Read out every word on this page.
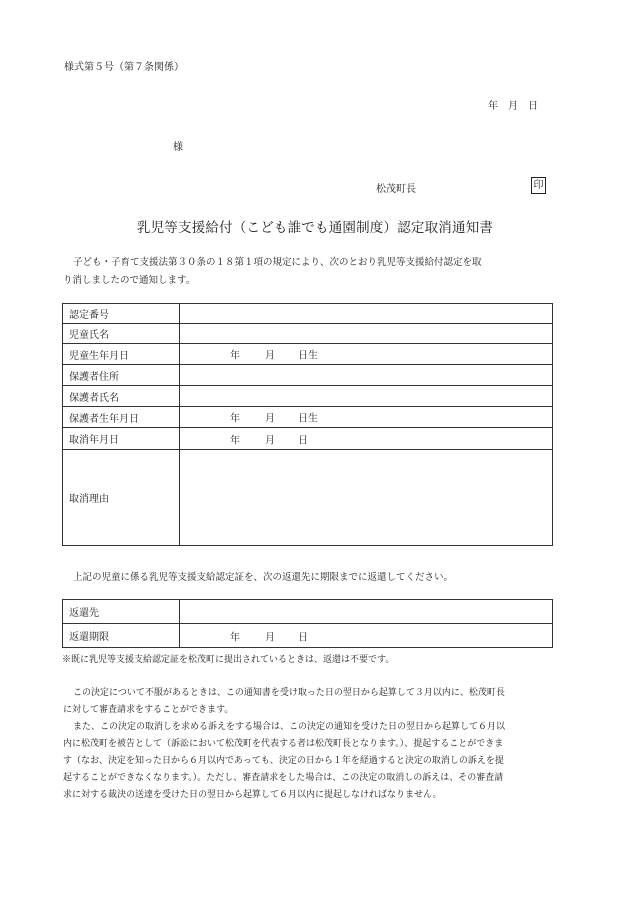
様式第５号（第７条関係）
年　月　日
様
松茂町長	印
乳児等支援給付（こども誰でも通園制度）認定取消通知書
子ども・子育て支援法第３０条の１８第１項の規定により、次のとおり乳児等支援給付認定を取
り消しましたので通知します。
認定番号	
児童氏名	
児童生年月日	年 月 日生

保護者住所	
保護者氏名	
保護者生年月日	年 月 日生

取消年月日	年 月 日

取消理由	
上記の児童に係る乳児等支援支給認定証を、次の返還先に期限までに返還してください。
返還先	
返還期限	年 月 日
※既に乳児等支援支給認定証を松茂町に提出されているときは、返還は不要です。
この決定について不服があるときは、この通知書を受け取った日の翌日から起算して３月以内に、松茂町長
に対して審査請求をすることができます。
また、この決定の取消しを求める訴えをする場合は、この決定の通知を受けた日の翌日から起算して６月以
内に松茂町を被告として（訴訟において松茂町を代表する者は松茂町長となります。）、提起することができま
す（なお、決定を知った日から６月以内であっても、決定の日から１年を経過すると決定の取消しの訴えを提
起することができなくなります。）。ただし、審査請求をした場合は、この決定の取消しの訴えは、その審査請
求に対する裁決の送達を受けた日の翌日から起算して６月以内に提起しなければなりません。
